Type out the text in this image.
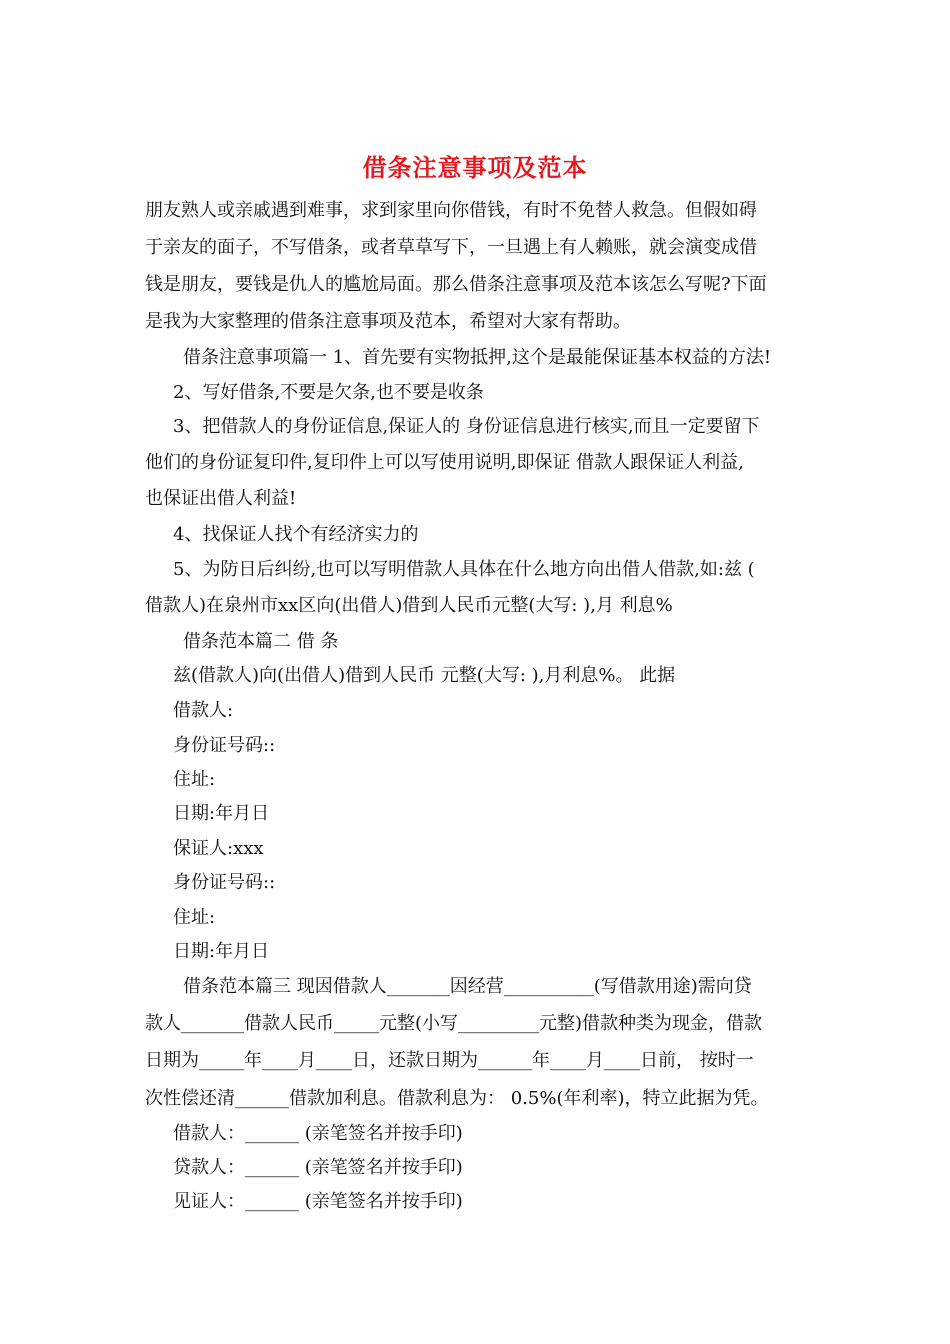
借条注意事项及范本
朋友熟人或亲戚遇到难事，求到家里向你借钱，有时不免替人救急。但假如碍
于亲友的面子，不写借条，或者草草写下，一旦遇上有人赖账，就会演变成借
钱是朋友，要钱是仇人的尴尬局面。那么借条注意事项及范本该怎么写呢?下面
是我为大家整理的借条注意事项及范本，希望对大家有帮助。
借条注意事项篇一 1、首先要有实物抵押,这个是最能保证基本权益的方法!
2、写好借条,不要是欠条,也不要是收条
3、把借款人的身份证信息,保证人的 身份证信息进行核实,而且一定要留下
他们的身份证复印件,复印件上可以写使用说明,即保证 借款人跟保证人利益,
也保证出借人利益!
4、找保证人找个有经济实力的
5、为防日后纠纷,也可以写明借款人具体在什么地方向出借人借款,如:兹 (
借款人)在泉州市xx区向(出借人)借到人民币元整(大写: ),月 利息%
借条范本篇二 借 条
兹(借款人)向(出借人)借到人民币 元整(大写: ),月利息%。 此据
借款人:
身份证号码::
住址:
日期:年月日
保证人:xxx
身份证号码::
住址:
日期:年月日
借条范本篇三 现因借款人_______因经营__________(写借款用途)需向贷
款人_______借款人民币_____元整(小写_________元整)借款种类为现金，借款
日期为_____年____月____日，还款日期为______年____月____日前， 按时一
次性偿还清______借款加利息。借款利息为： 0.5%(年利率)，特立此据为凭。
借款人：______ (亲笔签名并按手印)
贷款人：______ (亲笔签名并按手印)
见证人：______ (亲笔签名并按手印)
